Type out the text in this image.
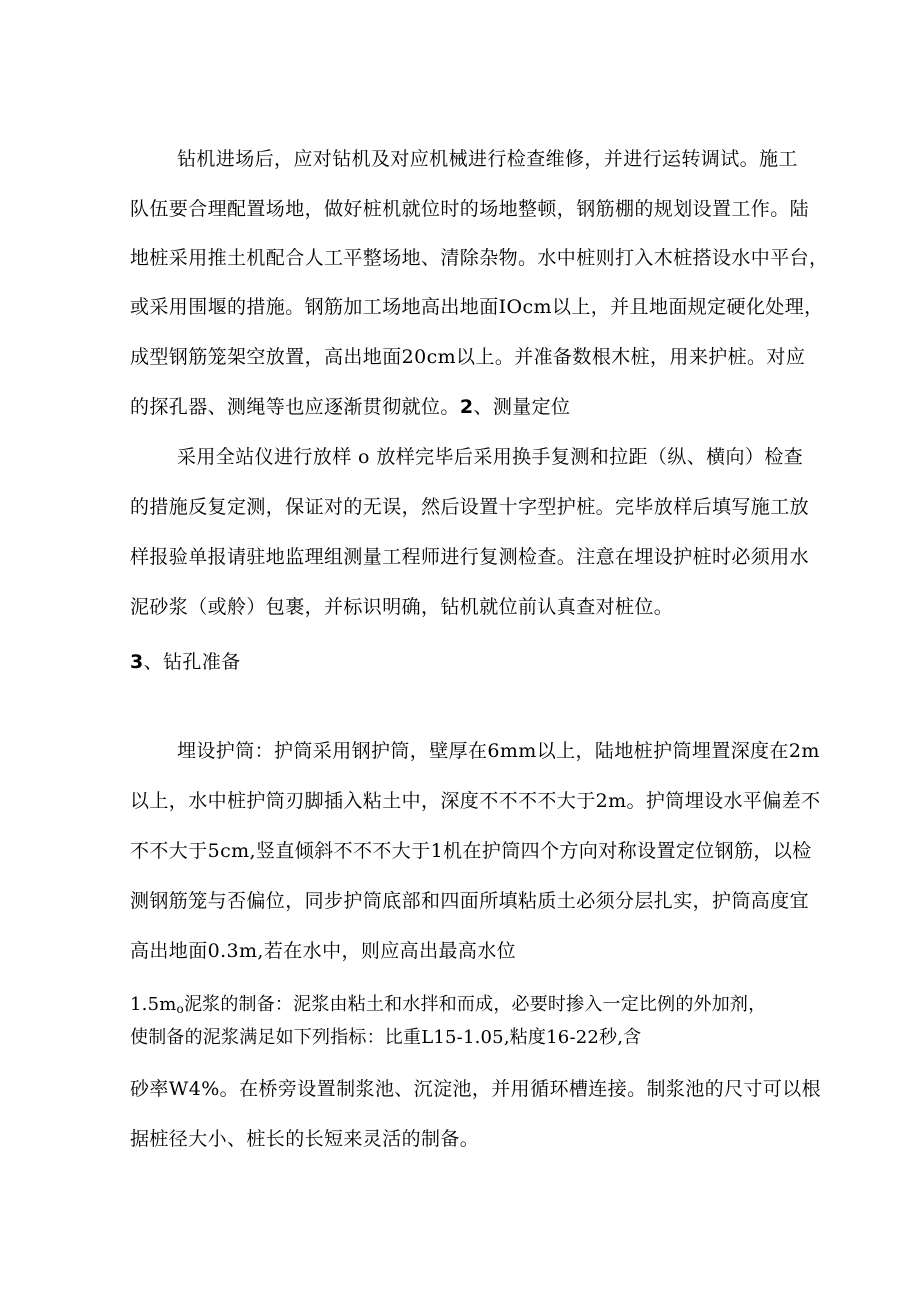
钻机进场后，应对钻机及对应机械进行检查维修，并进行运转调试。施工

队伍要合理配置场地，做好桩机就位时的场地整顿，钢筋棚的规划设置工作。陆

地桩采用推土机配合人工平整场地、清除杂物。水中桩则打入木桩搭设水中平台，

或采用围堰的措施。钢筋加工场地高出地面IOcm以上，并且地面规定硬化处理，

成型钢筋笼架空放置，高出地面20cm以上。并准备数根木桩，用来护桩。对应

的探孔器、测绳等也应逐渐贯彻就位。2、测量定位

采用全站仪进行放样 o 放样完毕后采用换手复测和拉距（纵、横向）检查

的措施反复定测，保证对的无误，然后设置十字型护桩。完毕放样后填写施工放

样报验单报请驻地监理组测量工程师进行复测检查。注意在埋设护桩时必须用水

泥砂浆（或舲）包裹，并标识明确，钻机就位前认真查对桩位。

3、钻孔准备

埋设护筒：护筒采用钢护筒，壁厚在6mm以上，陆地桩护筒埋置深度在2m

以上，水中桩护筒刃脚插入粘土中，深度不不不不大于2m。护筒埋设水平偏差不

不不大于5cm,竖直倾斜不不不大于1机在护筒四个方向对称设置定位钢筋，以检

测钢筋笼与否偏位，同步护筒底部和四面所填粘质土必须分层扎实，护筒高度宜

高出地面0.3m,若在水中，则应高出最高水位

$1.5m_o$泥浆的制备：泥浆由粘土和水拌和而成，必要时掺入一定比例的外加剂，

使制备的泥浆满足如下列指标：比重L15-1.05,粘度16-22秒,含

砂率W4%。在桥旁设置制浆池、沉淀池，并用循环槽连接。制浆池的尺寸可以根

据桩径大小、桩长的长短来灵活的制备。
